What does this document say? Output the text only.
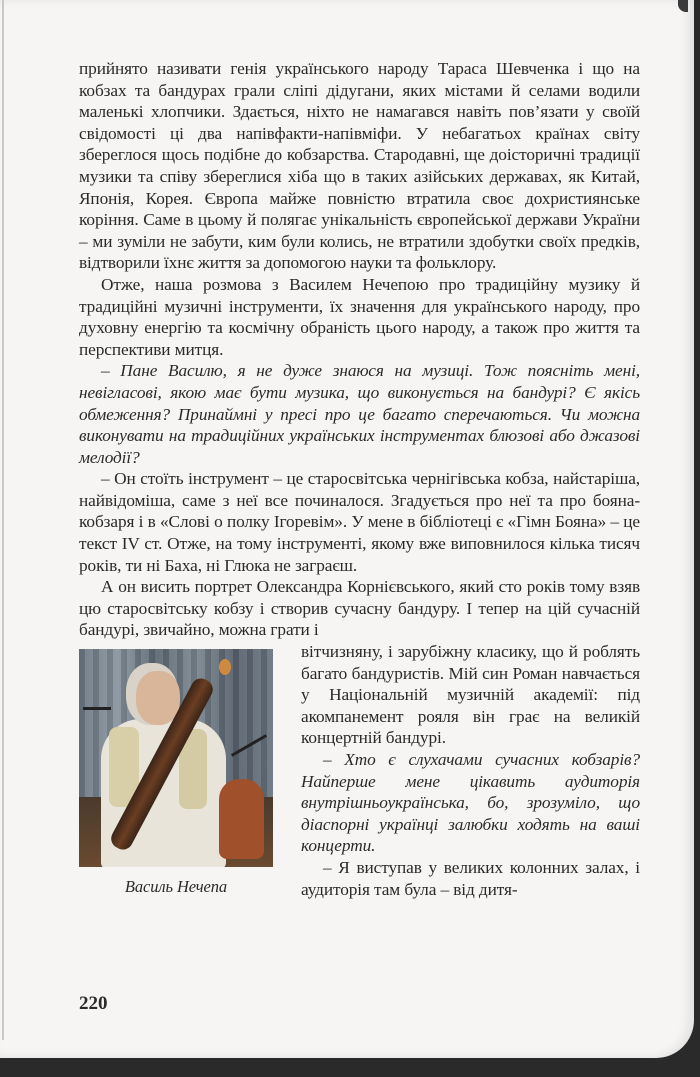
прийнято називати генія українського народу Тараса Шевченка і що на кобзах та бандурах грали сліпі дідугани, яких містами й селами водили маленькі хлопчики. Здається, ніхто не намагався навіть пов’язати у своїй свідомості ці два напівфакти-напівміфи. У небагатьох країнах світу збереглося щось подібне до кобзарства. Стародавні, ще доісторичні традиції музики та співу збереглися хіба що в таких азійських державах, як Китай, Японія, Корея. Європа майже повністю втратила своє дохристиянське коріння. Саме в цьому й полягає унікальність європейської держави України – ми зуміли не забути, ким були колись, не втратили здобутки своїх предків, відтворили їхнє життя за допомогою науки та фольклору.

Отже, наша розмова з Василем Нечепою про традиційну музику й традиційні музичні інструменти, їх значення для українського народу, про духовну енергію та космічну обраність цього народу, а також про життя та перспективи митця.

– Пане Василю, я не дуже знаюся на музиці. Тож поясніть мені, невігласові, якою має бути музика, що виконується на бандурі? Є якісь обмеження? Принаймні у пресі про це багато сперечаються. Чи можна виконувати на традиційних українських інструментах блюзові або джазові мелодії?

– Он стоїть інструмент – це старосвітська чернігівська кобза, найстаріша, найвідоміша, саме з неї все починалося. Згадується про неї та про бояна-кобзаря і в «Слові о полку Ігоревім». У мене в бібліотеці є «Гімн Бояна» – це текст IV ст. Отже, на тому інструменті, якому вже виповнилося кілька тисяч років, ти ні Баха, ні Глюка не заграєш.

А он висить портрет Олександра Корнієвського, який сто років тому взяв цю старосвітську кобзу і створив сучасну бандуру. І тепер на цій сучасній бандурі, звичайно, можна грати і

Василь Нечепа

вітчизняну, і зарубіжну класику, що й роблять багато бандуристів. Мій син Роман навчається у Національній музичній академії: під акомпанемент рояля він грає на великій концертній бандурі.

– Хто є слухачами сучасних кобзарів? Найперше мене цікавить аудиторія внутрішньоукраїнська, бо, зрозуміло, що діаспорні українці залюбки ходять на ваші концерти.

– Я виступав у великих колонних залах, і аудиторія там була – від дитя-

220
